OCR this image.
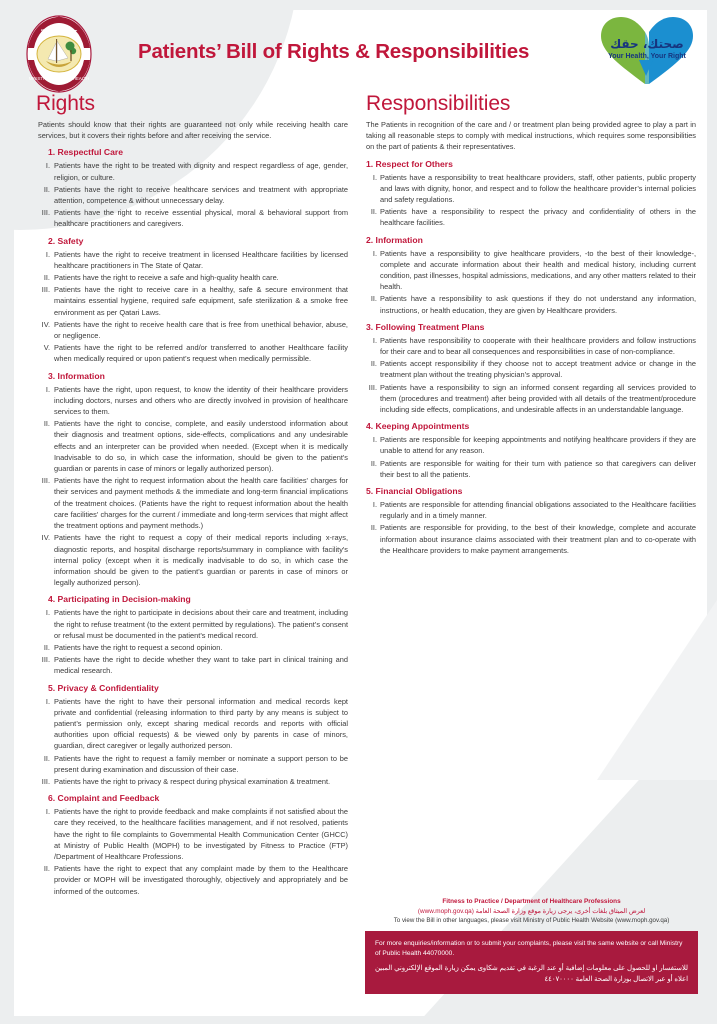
State of Qatar
MINISTRY OF PUBLIC HEALTH
Patients’ Bill of Rights & Responsibilities	صحتك، حقك
Your Health, Your Right
Rights

Patients should know that their rights are guaranteed not only while receiving health care services, but it covers their rights before and after receiving the service.

1. Respectful Care
I. Patients have the right to be treated with dignity and respect regardless of age, gender, religion, or culture.
II. Patients have the right to receive healthcare services and treatment with appropriate attention, competence & without unnecessary delay.
III. Patients have the right to receive essential physical, moral & behavioral support from healthcare practitioners and caregivers.
2. Safety
I. Patients have the right to receive treatment in licensed Healthcare facilities by licensed healthcare practitioners in The State of Qatar.
II. Patients have the right to receive a safe and high-quality health care.
III. Patients have the right to receive care in a healthy, safe & secure environment that maintains essential hygiene, required safe equipment, safe sterilization & a smoke free environment as per Qatari Laws.
IV. Patients have the right to receive health care that is free from unethical behavior, abuse, or negligence.
V. Patients have the right to be referred and/or transferred to another Healthcare facility when medically required or upon patient’s request when medically permissible.
3. Information
I. Patients have the right, upon request, to know the identity of their healthcare providers including doctors, nurses and others who are directly involved in provision of healthcare services to them.
II. Patients have the right to concise, complete, and easily understood information about their diagnosis and treatment options, side-effects, complications and any undesirable effects and an interpreter can be provided when needed. (Except when it is medically Inadvisable to do so, in which case the information, should be given to the patient's guardian or parents in case of minors or legally authorized person).
III. Patients have the right to request information about the health care facilities' charges for their services and payment methods & the immediate and long-term financial implications of the treatment choices. (Patients have the right to request information about the health care facilities' charges for the current / immediate and long-term services that might affect the treatment options and payment methods.)
IV. Patients have the right to request a copy of their medical reports including x-rays, diagnostic reports, and hospital discharge reports/summary in compliance with facility's internal policy (except when it is medically inadvisable to do so, in which case the information should be given to the patient’s guardian or parents in case of minors or legally authorized person).
4. Participating in Decision-making
I. Patients have the right to participate in decisions about their care and treatment, including the right to refuse treatment (to the extent permitted by regulations). The patient’s consent or refusal must be documented in the patient’s medical record.
II. Patients have the right to request a second opinion.
III. Patients have the right to decide whether they want to take part in clinical training and medical research.
5. Privacy & Confidentiality
I. Patients have the right to have their personal information and medical records kept private and confidential (releasing information to third party by any means is subject to patient’s permission only, except sharing medical records and reports with official authorities upon official requests) & be viewed only by parents in case of minors, guardian, direct caregiver or legally authorized person.
II. Patients have the right to request a family member or nominate a support person to be present during examination and discussion of their case.
III. Patients have the right to privacy & respect during physical examination & treatment.
6. Complaint and Feedback
I. Patients have the right to provide feedback and make complaints if not satisfied about the care they received, to the healthcare facilities management, and if not resolved, patients have the right to file complaints to Governmental Health Communication Center (GHCC) at Ministry of Public Health (MOPH) to be investigated by Fitness to Practice (FTP) /Department of Healthcare Professions.
II. Patients have the right to expect that any complaint made by them to the Healthcare provider or MOPH will be investigated thoroughly, objectively and appropriately and be informed of the outcomes.
Responsibilities

The Patients in recognition of the care and / or treatment plan being provided agree to play a part in taking all reasonable steps to comply with medical instructions, which requires some responsibilities on the part of patients & their representatives.

1. Respect for Others
I. Patients have a responsibility to treat healthcare providers, staff, other patients, public property and laws with dignity, honor, and respect and to follow the healthcare provider’s internal policies and safety regulations.
II. Patients have a responsibility to respect the privacy and confidentiality of others in the healthcare facilities.
2. Information
I. Patients have a responsibility to give healthcare providers, -to the best of their knowledge-, complete and accurate information about their health and medical history, including current condition, past illnesses, hospital admissions, medications, and any other matters related to their health.
II. Patients have a responsibility to ask questions if they do not understand any information, instructions, or health education, they are given by Healthcare providers.
3. Following Treatment Plans
I. Patients have responsibility to cooperate with their healthcare providers and follow instructions for their care and to bear all consequences and responsibilities in case of non-compliance.
II. Patients accept responsibility if they choose not to accept treatment advice or change in the treatment plan without the treating physician’s approval.
III. Patients have a responsibility to sign an informed consent regarding all services provided to them (procedures and treatment) after being provided with all details of the treatment/procedure including side effects, complications, and undesirable affects in an understandable language.
4. Keeping Appointments
I. Patients are responsible for keeping appointments and notifying healthcare providers if they are unable to attend for any reason.
II. Patients are responsible for waiting for their turn with patience so that caregivers can deliver their best to all the patients.
5. Financial Obligations
I. Patients are responsible for attending financial obligations associated to the Healthcare facilities regularly and in a timely manner.
II. Patients are responsible for providing, to the best of their knowledge, complete and accurate information about insurance claims associated with their treatment plan and to co-operate with the Healthcare providers to make payment arrangements.
Fitness to Practice / Department of Healthcare Professions
لعرض الميثاق بلغات أخرى، يرجى زيارة موقع وزارة الصحة العامة (www.moph.gov.qa)
To view the Bill in other languages, please visit Ministry of Public Health Website (www.moph.gov.qa)
For more enquiries/information or to submit your complaints, please visit the same website or call Ministry of Public Health 44070000.
للاستفسار او للحصول على معلومات إضافية أو عند الرغبة في تقديم شكاوى يمكن زيارة الموقع الإلكتروني المبين اعلاه أو عبر الاتصال بوزارة الصحة العامة ٤٤٠٧٠٠٠٠
